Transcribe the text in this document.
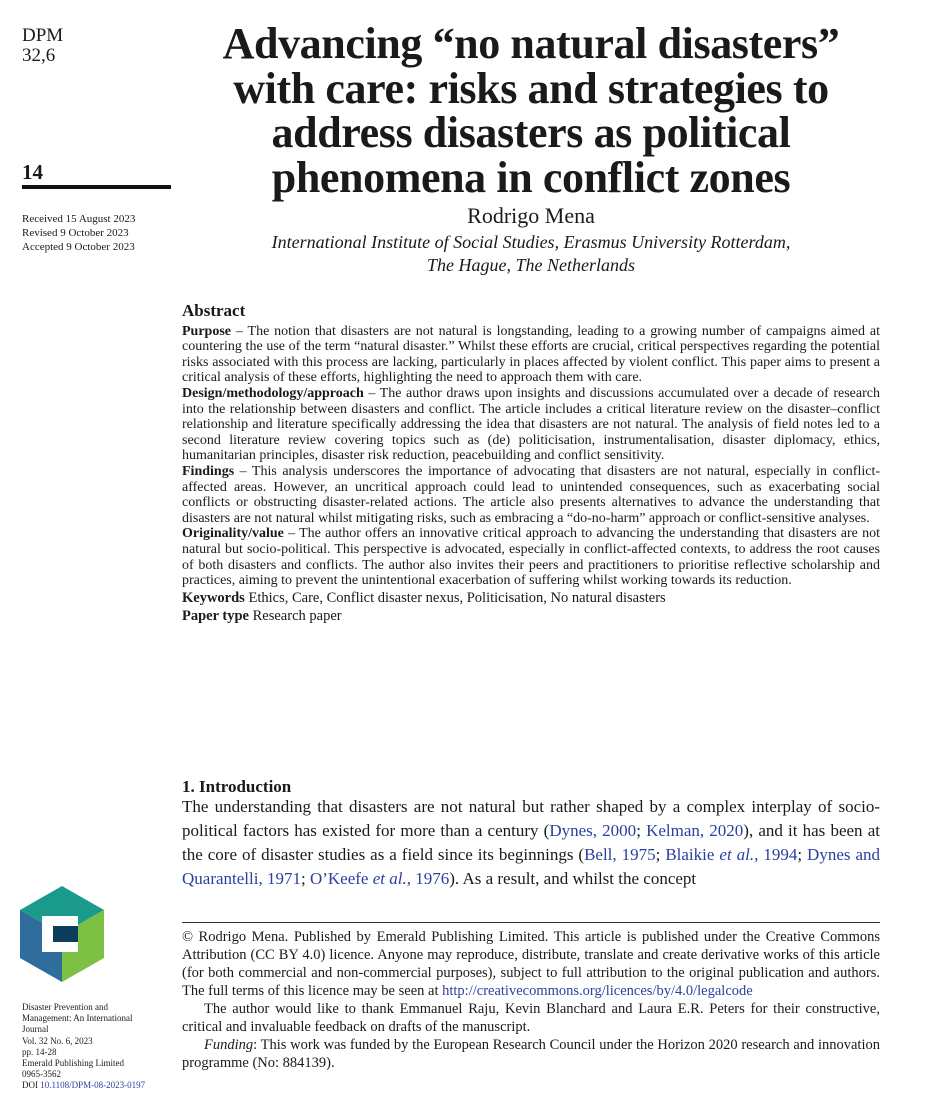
DPM
32,6
14
Received 15 August 2023
Revised 9 October 2023
Accepted 9 October 2023
Disaster Prevention and
Management: An International
Journal
Vol. 32 No. 6, 2023
pp. 14-28
Emerald Publishing Limited
0965-3562
DOI 10.1108/DPM-08-2023-0197
Advancing “no natural disasters”
with care: risks and strategies to
address disasters as political
phenomena in conflict zones
Rodrigo Mena
International Institute of Social Studies, Erasmus University Rotterdam,
The Hague, The Netherlands
Abstract

Purpose – The notion that disasters are not natural is longstanding, leading to a growing number of campaigns aimed at countering the use of the term “natural disaster.” Whilst these efforts are crucial, critical perspectives regarding the potential risks associated with this process are lacking, particularly in places affected by violent conflict. This paper aims to present a critical analysis of these efforts, highlighting the need to approach them with care.

Design/methodology/approach – The author draws upon insights and discussions accumulated over a decade of research into the relationship between disasters and conflict. The article includes a critical literature review on the disaster–conflict relationship and literature specifically addressing the idea that disasters are not natural. The analysis of field notes led to a second literature review covering topics such as (de) politicisation, instrumentalisation, disaster diplomacy, ethics, humanitarian principles, disaster risk reduction, peacebuilding and conflict sensitivity.

Findings – This analysis underscores the importance of advocating that disasters are not natural, especially in conflict-affected areas. However, an uncritical approach could lead to unintended consequences, such as exacerbating social conflicts or obstructing disaster-related actions. The article also presents alternatives to advance the understanding that disasters are not natural whilst mitigating risks, such as embracing a “do-no-harm” approach or conflict-sensitive analyses.

Originality/value – The author offers an innovative critical approach to advancing the understanding that disasters are not natural but socio-political. This perspective is advocated, especially in conflict-affected contexts, to address the root causes of both disasters and conflicts. The author also invites their peers and practitioners to prioritise reflective scholarship and practices, aiming to prevent the unintentional exacerbation of suffering whilst working towards its reduction.

Keywords Ethics, Care, Conflict disaster nexus, Politicisation, No natural disasters

Paper type Research paper

1. Introduction
The understanding that disasters are not natural but rather shaped by a complex interplay of socio-political factors has existed for more than a century (Dynes, 2000; Kelman, 2020), and it has been at the core of disaster studies as a field since its beginnings (Bell, 1975; Blaikie et al., 1994; Dynes and Quarantelli, 1971; O’Keefe et al., 1976). As a result, and whilst the concept

© Rodrigo Mena. Published by Emerald Publishing Limited. This article is published under the Creative Commons Attribution (CC BY 4.0) licence. Anyone may reproduce, distribute, translate and create derivative works of this article (for both commercial and non-commercial purposes), subject to full attribution to the original publication and authors. The full terms of this licence may be seen at http://creativecommons.org/licences/by/4.0/legalcode

The author would like to thank Emmanuel Raju, Kevin Blanchard and Laura E.R. Peters for their constructive, critical and invaluable feedback on drafts of the manuscript.

Funding: This work was funded by the European Research Council under the Horizon 2020 research and innovation programme (No: 884139).
